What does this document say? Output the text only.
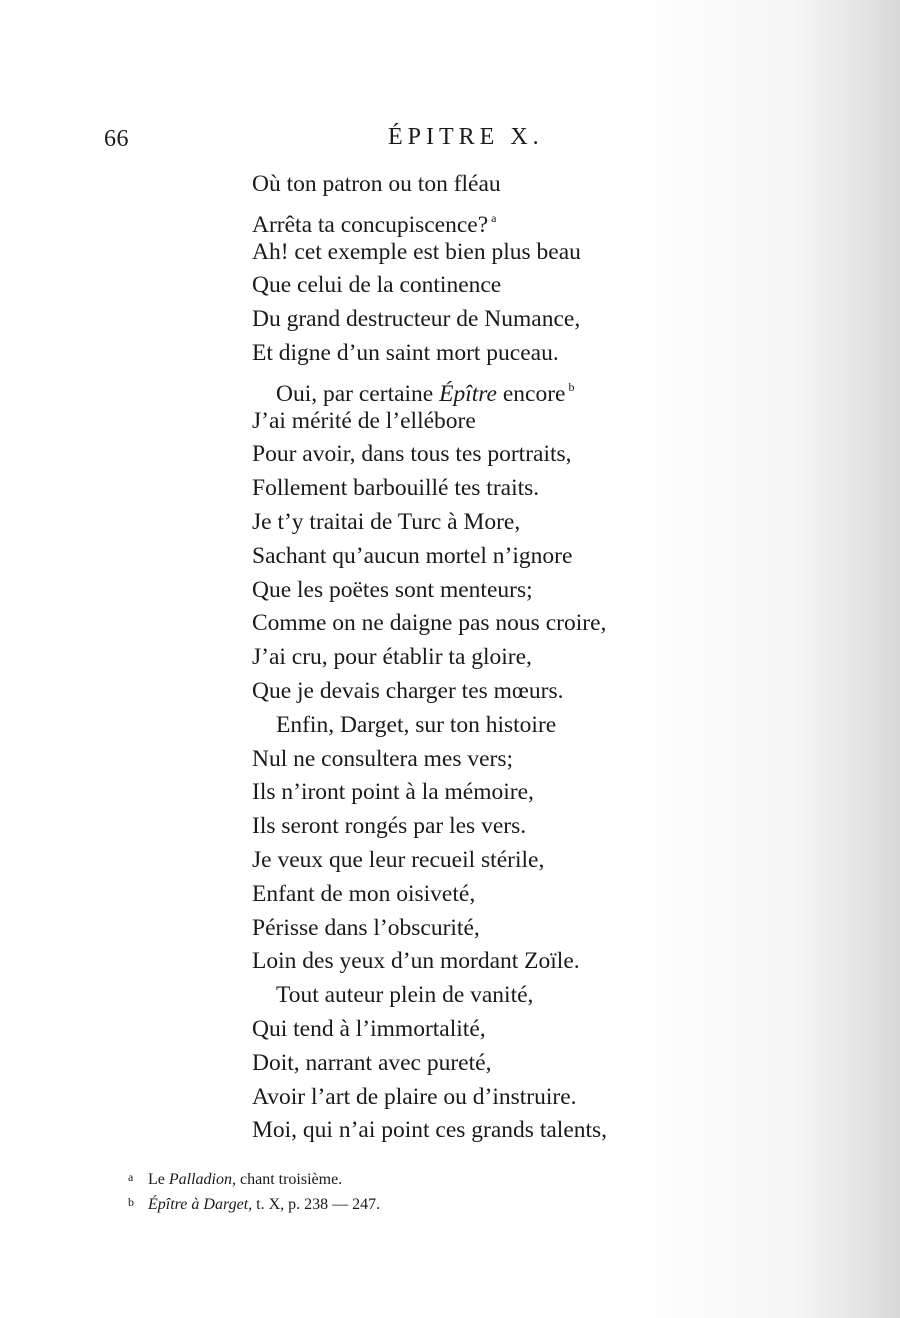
66	ÉPITRE X.
Où ton patron ou ton fléau
Arrêta ta concupiscence? $^a$
Ah! cet exemple est bien plus beau
Que celui de la continence
Du grand destructeur de Numance,
Et digne d’un saint mort puceau.
Oui, par certaine Épître encore $^b$
J’ai mérité de l’ellébore
Pour avoir, dans tous tes portraits,
Follement barbouillé tes traits.
Je t’y traitai de Turc à More,
Sachant qu’aucun mortel n’ignore
Que les poëtes sont menteurs;
Comme on ne daigne pas nous croire,
J’ai cru, pour établir ta gloire,
Que je devais charger tes mœurs.
Enfin, Darget, sur ton histoire
Nul ne consultera mes vers;
Ils n’iront point à la mémoire,
Ils seront rongés par les vers.
Je veux que leur recueil stérile,
Enfant de mon oisiveté,
Périsse dans l’obscurité,
Loin des yeux d’un mordant Zoïle.
Tout auteur plein de vanité,
Qui tend à l’immortalité,
Doit, narrant avec pureté,
Avoir l’art de plaire ou d’instruire.
Moi, qui n’ai point ces grands talents,
a Le Palladion, chant troisième.
b Épître à Darget, t. X, p. 238 — 247.
